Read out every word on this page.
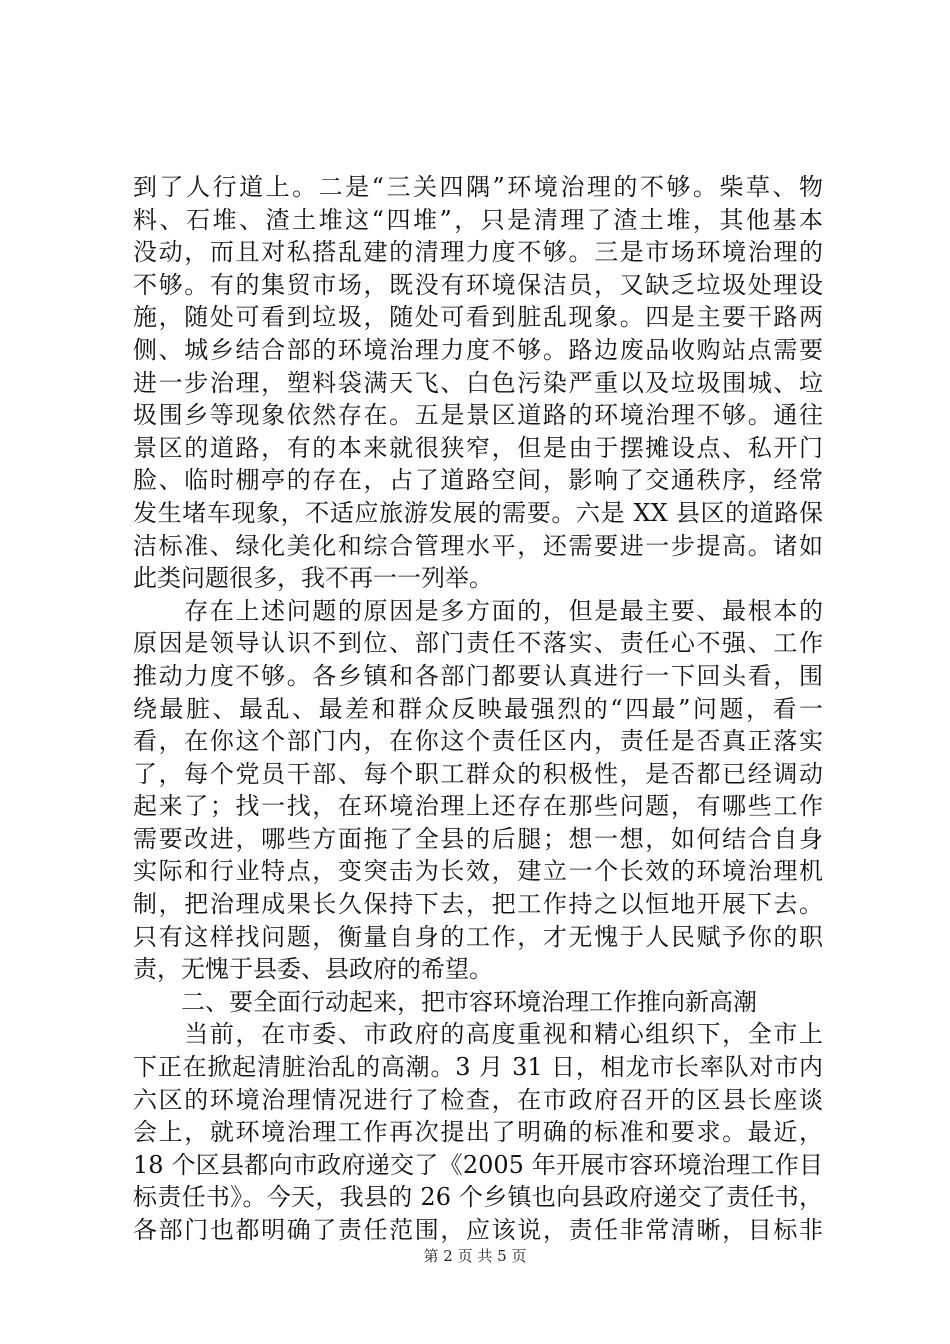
到了人行道上。二是“三关四隅”环境治理的不够。柴草、物
料、石堆、渣土堆这“四堆”，只是清理了渣土堆，其他基本
没动，而且对私搭乱建的清理力度不够。三是市场环境治理的
不够。有的集贸市场，既没有环境保洁员，又缺乏垃圾处理设
施，随处可看到垃圾，随处可看到脏乱现象。四是主要干路两
侧、城乡结合部的环境治理力度不够。路边废品收购站点需要
进一步治理，塑料袋满天飞、白色污染严重以及垃圾围城、垃
圾围乡等现象依然存在。五是景区道路的环境治理不够。通往
景区的道路，有的本来就很狭窄，但是由于摆摊设点、私开门
脸、临时棚亭的存在，占了道路空间，影响了交通秩序，经常
发生堵车现象，不适应旅游发展的需要。六是 XX 县区的道路保
洁标准、绿化美化和综合管理水平，还需要进一步提高。诸如
此类问题很多，我不再一一列举。
　　存在上述问题的原因是多方面的，但是最主要、最根本的
原因是领导认识不到位、部门责任不落实、责任心不强、工作
推动力度不够。各乡镇和各部门都要认真进行一下回头看，围
绕最脏、最乱、最差和群众反映最强烈的“四最”问题，看一
看，在你这个部门内，在你这个责任区内，责任是否真正落实
了，每个党员干部、每个职工群众的积极性，是否都已经调动
起来了；找一找，在环境治理上还存在那些问题，有哪些工作
需要改进，哪些方面拖了全县的后腿；想一想，如何结合自身
实际和行业特点，变突击为长效，建立一个长效的环境治理机
制，把治理成果长久保持下去，把工作持之以恒地开展下去。
只有这样找问题，衡量自身的工作，才无愧于人民赋予你的职
责，无愧于县委、县政府的希望。
　　二、要全面行动起来，把市容环境治理工作推向新高潮
　　当前，在市委、市政府的高度重视和精心组织下，全市上
下正在掀起清脏治乱的高潮。3 月 31 日，相龙市长率队对市内
六区的环境治理情况进行了检查，在市政府召开的区县长座谈
会上，就环境治理工作再次提出了明确的标准和要求。最近，
18 个区县都向市政府递交了《2005 年开展市容环境治理工作目
标责任书》。今天，我县的 26 个乡镇也向县政府递交了责任书，
各部门也都明确了责任范围，应该说，责任非常清晰，目标非
第 2 页 共 5 页
